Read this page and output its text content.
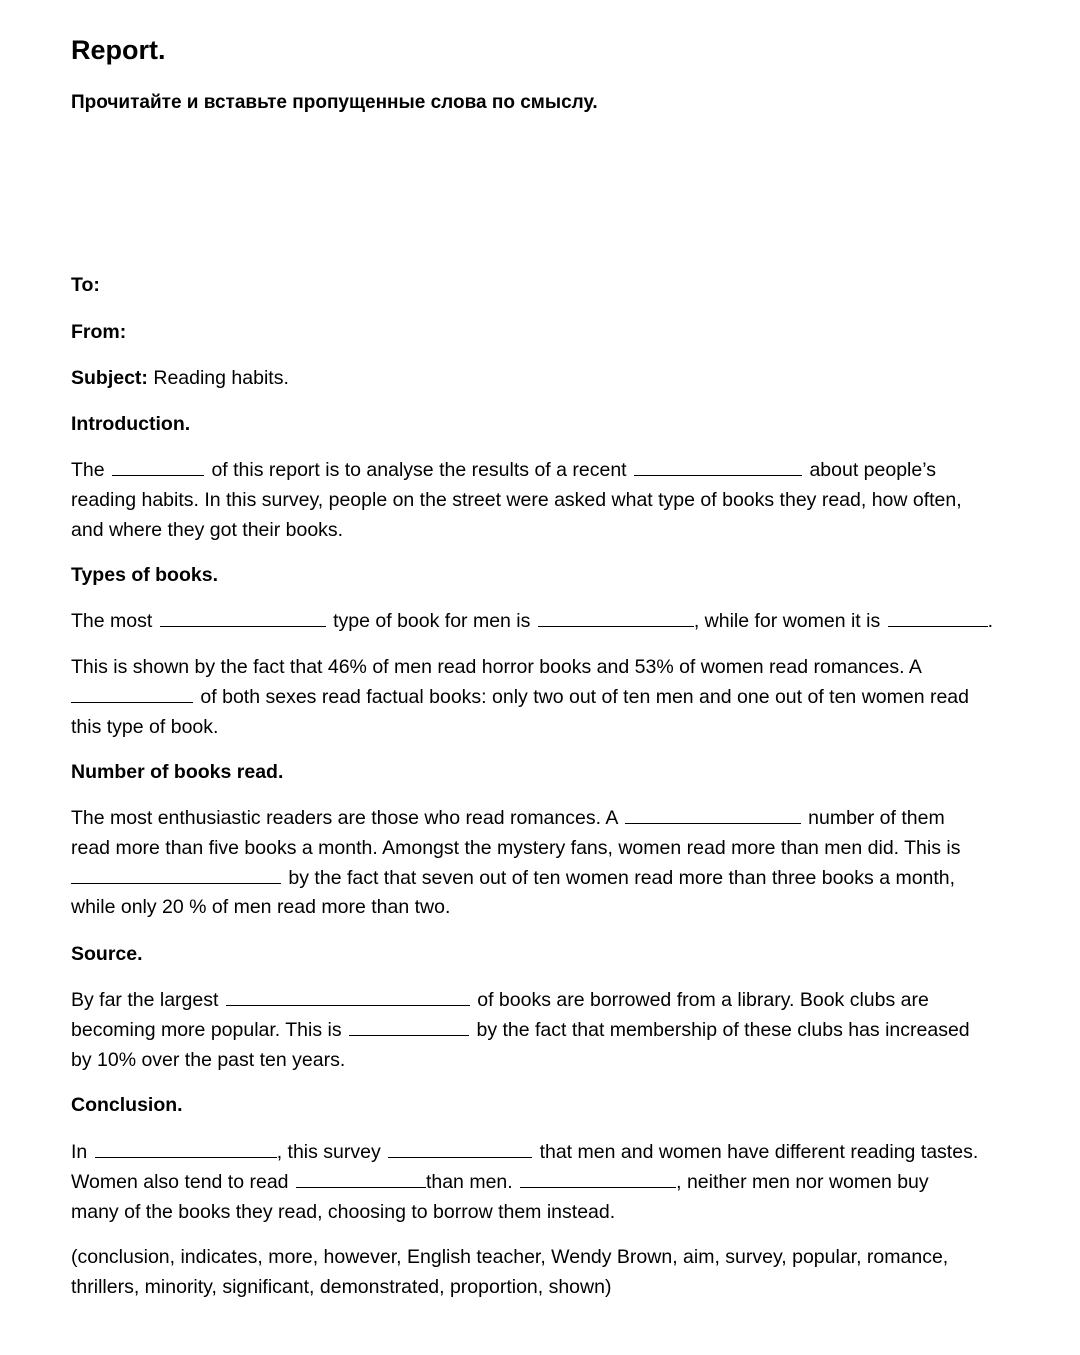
Report.

Прочитайте и вставьте пропущенные слова по смыслу.

To:

From:

Subject: Reading habits.

Introduction.

The	of this report is to analyse the results of a recent	about people’s
reading habits. In this survey, people on the street were asked what type of books they read, how often,
and where they got their books.

Types of books.

The most	type of book for men is	, while for women it is	.

This is shown by the fact that 46% of men read horror books and 53% of women read romances. A
of both sexes read factual books: only two out of ten men and one out of ten women read
this type of book.

Number of books read.

The most enthusiastic readers are those who read romances. A	number of them
read more than five books a month. Amongst the mystery fans, women read more than men did. This is
by the fact that seven out of ten women read more than three books a month,
while only 20 % of men read more than two.

Source.

By far the largest	of books are borrowed from a library. Book clubs are
becoming more popular. This is	by the fact that membership of these clubs has increased
by 10% over the past ten years.

Conclusion.

In	, this survey	that men and women have different reading tastes.
Women also tend to read	than men.	, neither men nor women buy
many of the books they read, choosing to borrow them instead.

(conclusion, indicates, more, however, English teacher, Wendy Brown, aim, survey, popular, romance,
thrillers, minority, significant, demonstrated, proportion, shown)
